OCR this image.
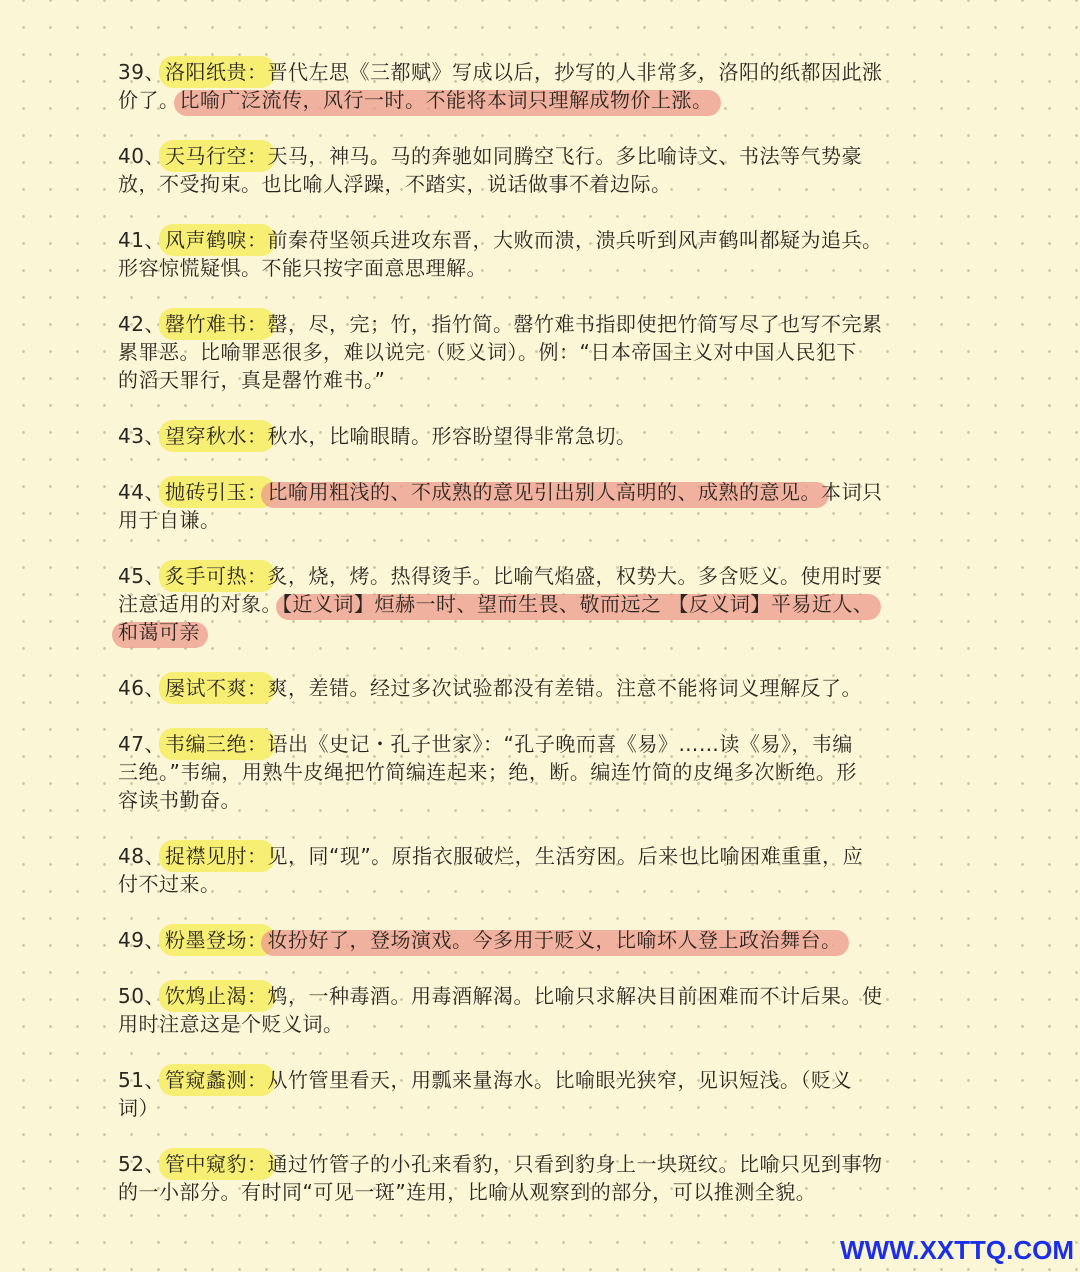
39、洛阳纸贵：晋代左思《三都赋》写成以后，抄写的人非常多，洛阳的纸都因此涨
价了。比喻广泛流传，风行一时。不能将本词只理解成物价上涨。
40、天马行空：天马，神马。马的奔驰如同腾空飞行。多比喻诗文、书法等气势豪
放，不受拘束。也比喻人浮躁，不踏实，说话做事不着边际。
41、风声鹤唳：前秦苻坚领兵进攻东晋，大败而溃，溃兵听到风声鹤叫都疑为追兵。
形容惊慌疑惧。不能只按字面意思理解。
42、罄竹难书：罄，尽，完；竹，指竹简。罄竹难书指即使把竹简写尽了也写不完累
累罪恶。比喻罪恶很多，难以说完（贬义词）。例：“日本帝国主义对中国人民犯下
的滔天罪行，真是罄竹难书。”
43、望穿秋水：秋水，比喻眼睛。形容盼望得非常急切。
44、抛砖引玉：比喻用粗浅的、不成熟的意见引出别人高明的、成熟的意见。本词只
用于自谦。
45、炙手可热：炙，烧，烤。热得烫手。比喻气焰盛，权势大。多含贬义。使用时要
注意适用的对象。【近义词】烜赫一时、望而生畏、敬而远之 【反义词】平易近人、
和蔼可亲
46、屡试不爽：爽，差错。经过多次试验都没有差错。注意不能将词义理解反了。
47、韦编三绝：语出《史记・孔子世家》：“孔子晚而喜《易》……读《易》，韦编
三绝。”韦编，用熟牛皮绳把竹简编连起来；绝，断。编连竹简的皮绳多次断绝。形
容读书勤奋。
48、捉襟见肘：见，同“现”。原指衣服破烂，生活穷困。后来也比喻困难重重，应
付不过来。
49、粉墨登场：妆扮好了，登场演戏。今多用于贬义，比喻坏人登上政治舞台。
50、饮鸩止渴：鸩，一种毒酒。用毒酒解渴。比喻只求解决目前困难而不计后果。使
用时注意这是个贬义词。
51、管窥蠡测：从竹管里看天，用瓢来量海水。比喻眼光狭窄，见识短浅。（贬义
词）
52、管中窥豹：通过竹管子的小孔来看豹，只看到豹身上一块斑纹。比喻只见到事物
的一小部分。有时同“可见一斑”连用，比喻从观察到的部分，可以推测全貌。
WWW.XXTTQ.COM
